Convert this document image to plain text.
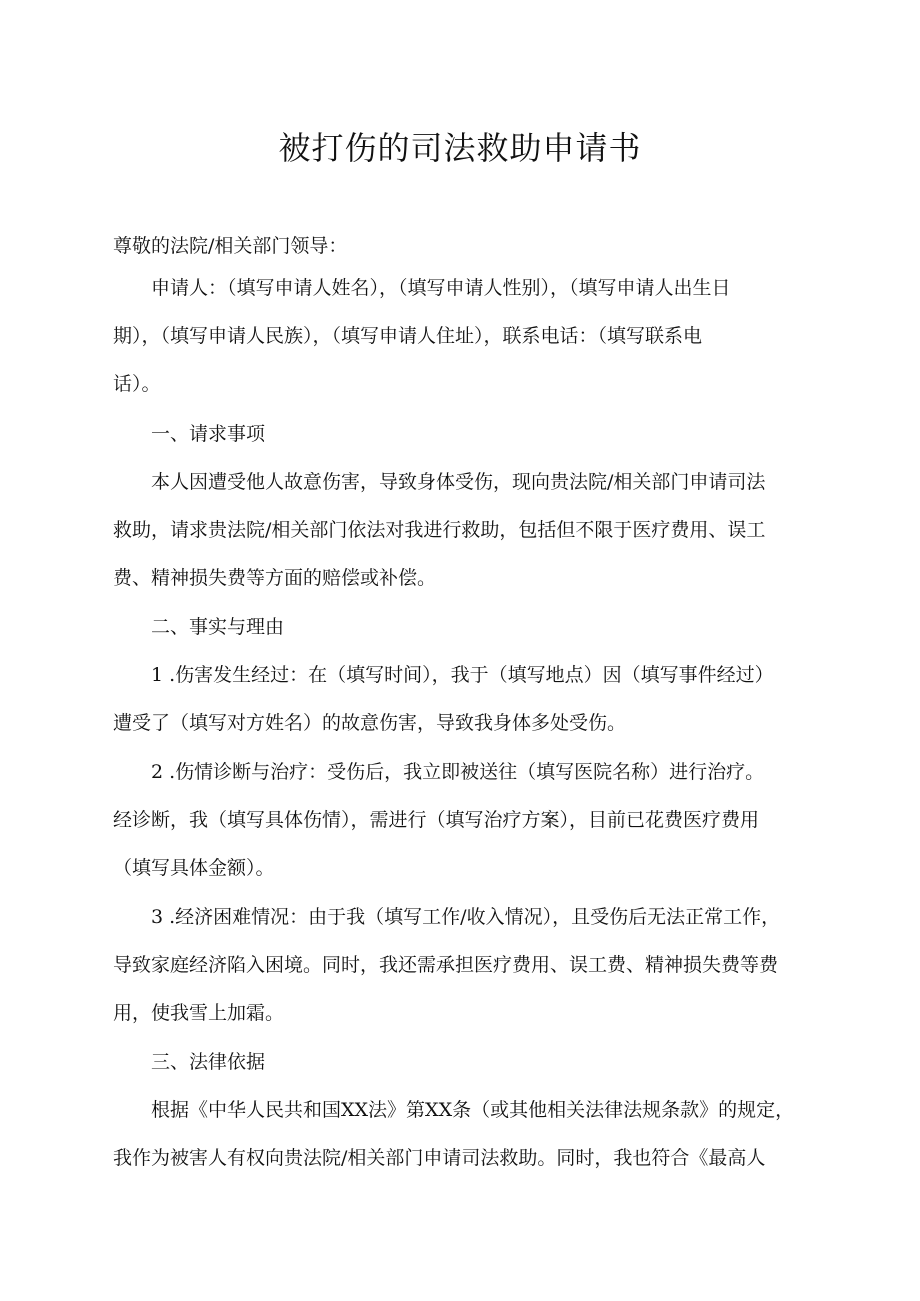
被打伤的司法救助申请书
尊敬的法院/相关部门领导：
申请人：（填写申请人姓名），（填写申请人性别），（填写申请人出生日
期），（填写申请人民族），（填写申请人住址），联系电话：（填写联系电
话）。
一、请求事项
本人因遭受他人故意伤害，导致身体受伤，现向贵法院/相关部门申请司法
救助，请求贵法院/相关部门依法对我进行救助，包括但不限于医疗费用、误工
费、精神损失费等方面的赔偿或补偿。
二、事实与理由
1 .伤害发生经过：在（填写时间），我于（填写地点）因（填写事件经过）
遭受了（填写对方姓名）的故意伤害，导致我身体多处受伤。
2 .伤情诊断与治疗：受伤后，我立即被送往（填写医院名称）进行治疗。
经诊断，我（填写具体伤情），需进行（填写治疗方案），目前已花费医疗费用
（填写具体金额）。
3 .经济困难情况：由于我（填写工作/收入情况），且受伤后无法正常工作，
导致家庭经济陷入困境。同时，我还需承担医疗费用、误工费、精神损失费等费
用，使我雪上加霜。
三、法律依据
根据《中华人民共和国XX法》第XX条（或其他相关法律法规条款》的规定，
我作为被害人有权向贵法院/相关部门申请司法救助。同时，我也符合《最高人
